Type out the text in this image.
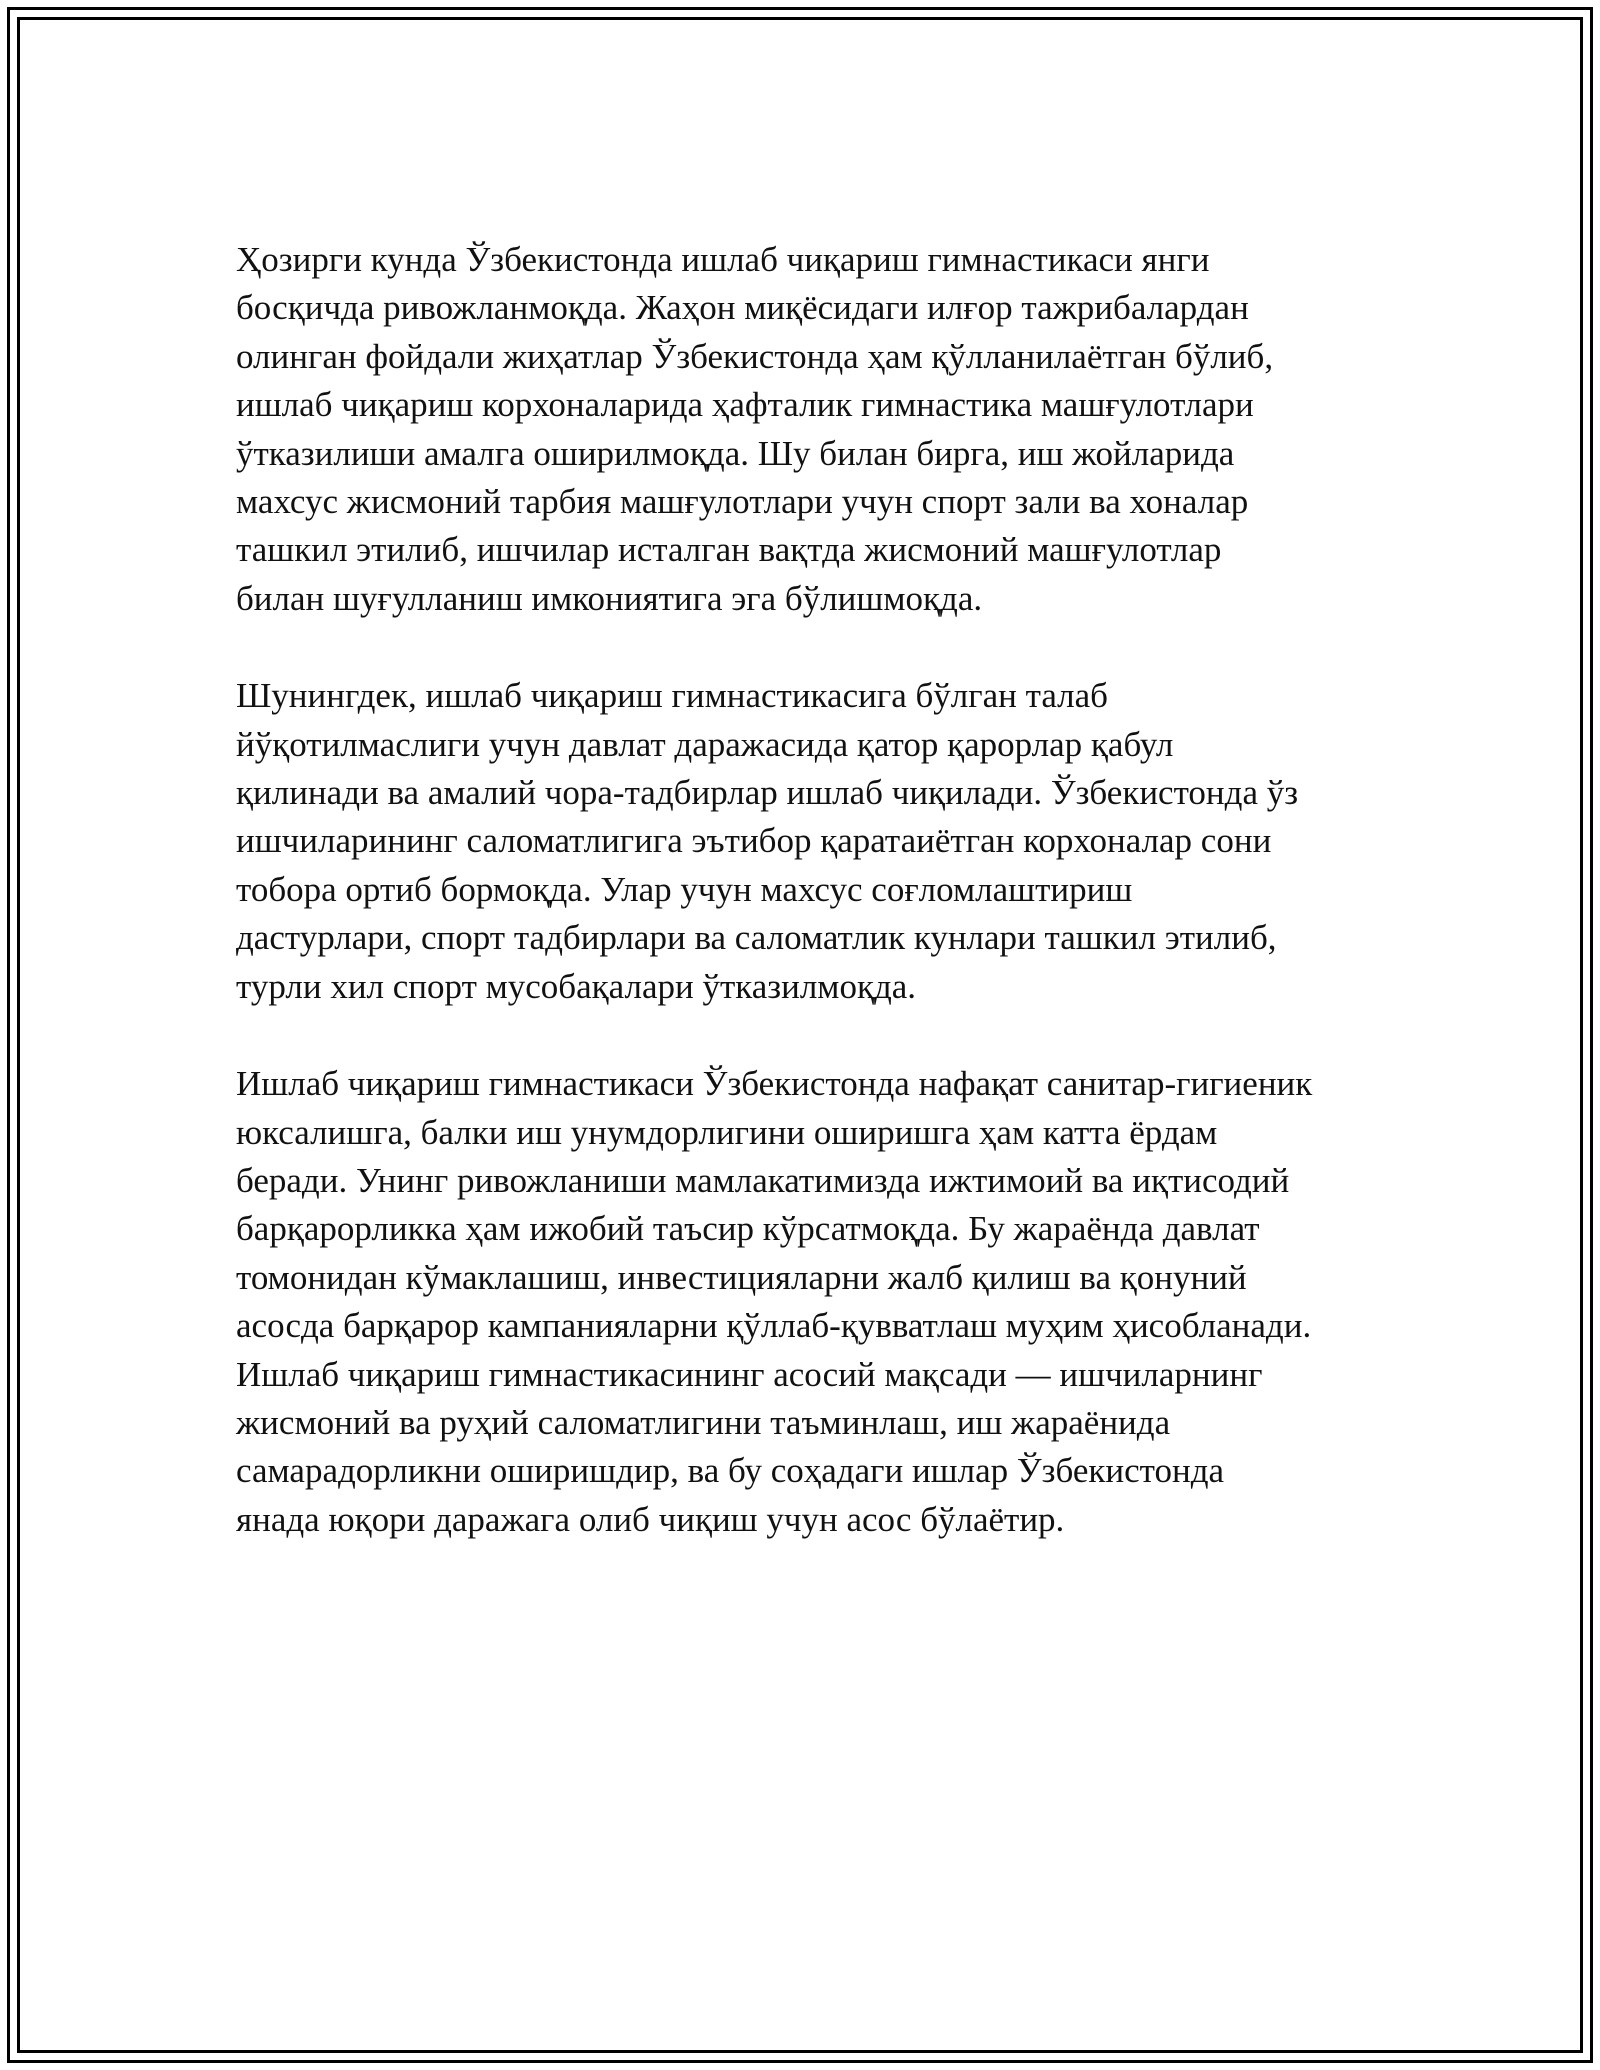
Ҳозирги кунда Ўзбекистонда ишлаб чиқариш гимнастикаси янги
босқичда ривожланмоқда. Жаҳон миқёсидаги илғор тажрибалардан
олинган фойдали жиҳатлар Ўзбекистонда ҳам қўлланилаётган бўлиб,
ишлаб чиқариш корхоналарида ҳафталик гимнастика машғулотлари
ўтказилиши амалга оширилмоқда. Шу билан бирга, иш жойларида
махсус жисмоний тарбия машғулотлари учун спорт зали ва хоналар
ташкил этилиб, ишчилар исталган вақтда жисмоний машғулотлар
билан шуғулланиш имкониятига эга бўлишмоқда.

Шунингдек, ишлаб чиқариш гимнастикасига бўлган талаб
йўқотилмаслиги учун давлат даражасида қатор қарорлар қабул
қилинади ва амалий чора-тадбирлар ишлаб чиқилади. Ўзбекистонда ўз
ишчиларининг саломатлигига эътибор қаратаиётган корхоналар сони
тобора ортиб бормоқда. Улар учун махсус соғломлаштириш
дастурлари, спорт тадбирлари ва саломатлик кунлари ташкил этилиб,
турли хил спорт мусобақалари ўтказилмоқда.

Ишлаб чиқариш гимнастикаси Ўзбекистонда нафақат санитар-гигиеник
юксалишга, балки иш унумдорлигини оширишга ҳам катта ёрдам
беради. Унинг ривожланиши мамлакатимизда ижтимоий ва иқтисодий
барқарорликка ҳам ижобий таъсир кўрсатмоқда. Бу жараёнда давлат
томонидан кўмаклашиш, инвестицияларни жалб қилиш ва қонуний
асосда барқарор кампанияларни қўллаб-қувватлаш муҳим ҳисобланади.
Ишлаб чиқариш гимнастикасининг асосий мақсади — ишчиларнинг
жисмоний ва руҳий саломатлигини таъминлаш, иш жараёнида
самарадорликни оширишдир, ва бу соҳадаги ишлар Ўзбекистонда
янада юқори даражага олиб чиқиш учун асос бўлаётир.
